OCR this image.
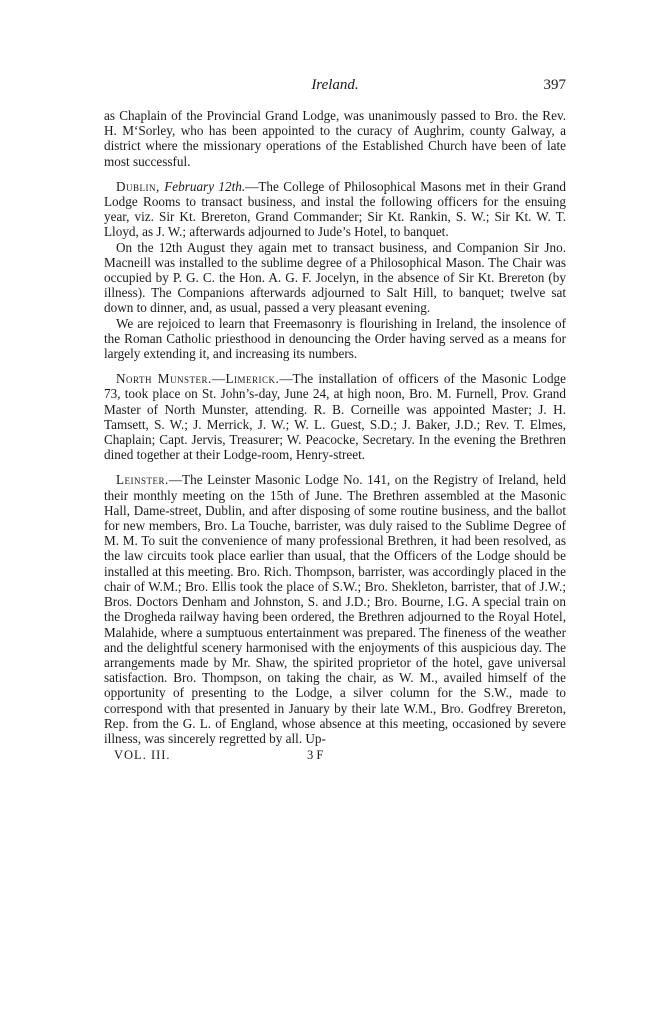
Ireland.	397

as Chaplain of the Provincial Grand Lodge, was unanimously passed to Bro. the Rev. H. M‘Sorley, who has been appointed to the curacy of Aughrim, county Galway, a district where the missionary operations of the Established Church have been of late most successful.

Dublin, February 12th.—The College of Philosophical Masons met in their Grand Lodge Rooms to transact business, and instal the following officers for the ensuing year, viz. Sir Kt. Brereton, Grand Commander; Sir Kt. Rankin, S. W.; Sir Kt. W. T. Lloyd, as J. W.; afterwards adjourned to Jude’s Hotel, to banquet.

On the 12th August they again met to transact business, and Companion Sir Jno. Macneill was installed to the sublime degree of a Philosophical Mason. The Chair was occupied by P. G. C. the Hon. A. G. F. Jocelyn, in the absence of Sir Kt. Brereton (by illness). The Companions afterwards adjourned to Salt Hill, to banquet; twelve sat down to dinner, and, as usual, passed a very pleasant evening.

We are rejoiced to learn that Freemasonry is flourishing in Ireland, the insolence of the Roman Catholic priesthood in denouncing the Order having served as a means for largely extending it, and increasing its numbers.

North Munster.—Limerick.—The installation of officers of the Masonic Lodge 73, took place on St. John’s-day, June 24, at high noon, Bro. M. Furnell, Prov. Grand Master of North Munster, attending. R. B. Corneille was appointed Master; J. H. Tamsett, S. W.; J. Merrick, J. W.; W. L. Guest, S.D.; J. Baker, J.D.; Rev. T. Elmes, Chaplain; Capt. Jervis, Treasurer; W. Peacocke, Secretary. In the evening the Brethren dined together at their Lodge-room, Henry-street.

Leinster.—The Leinster Masonic Lodge No. 141, on the Registry of Ireland, held their monthly meeting on the 15th of June. The Brethren assembled at the Masonic Hall, Dame-street, Dublin, and after disposing of some routine business, and the ballot for new members, Bro. La Touche, barrister, was duly raised to the Sublime Degree of M. M. To suit the convenience of many professional Brethren, it had been resolved, as the law circuits took place earlier than usual, that the Officers of the Lodge should be installed at this meeting. Bro. Rich. Thompson, barrister, was accordingly placed in the chair of W.M.; Bro. Ellis took the place of S.W.; Bro. Shekleton, barrister, that of J.W.; Bros. Doctors Denham and Johnston, S. and J.D.; Bro. Bourne, I.G. A special train on the Drogheda railway having been ordered, the Brethren adjourned to the Royal Hotel, Malahide, where a sumptuous entertainment was prepared. The fineness of the weather and the delightful scenery harmonised with the enjoyments of this auspicious day. The arrangements made by Mr. Shaw, the spirited proprietor of the hotel, gave universal satisfaction. Bro. Thompson, on taking the chair, as W. M., availed himself of the opportunity of presenting to the Lodge, a silver column for the S.W., made to correspond with that presented in January by their late W.M., Bro. Godfrey Brereton, Rep. from the G. L. of England, whose absence at this meeting, occasioned by severe illness, was sincerely regretted by all. Up-

VOL. III.	3 F
